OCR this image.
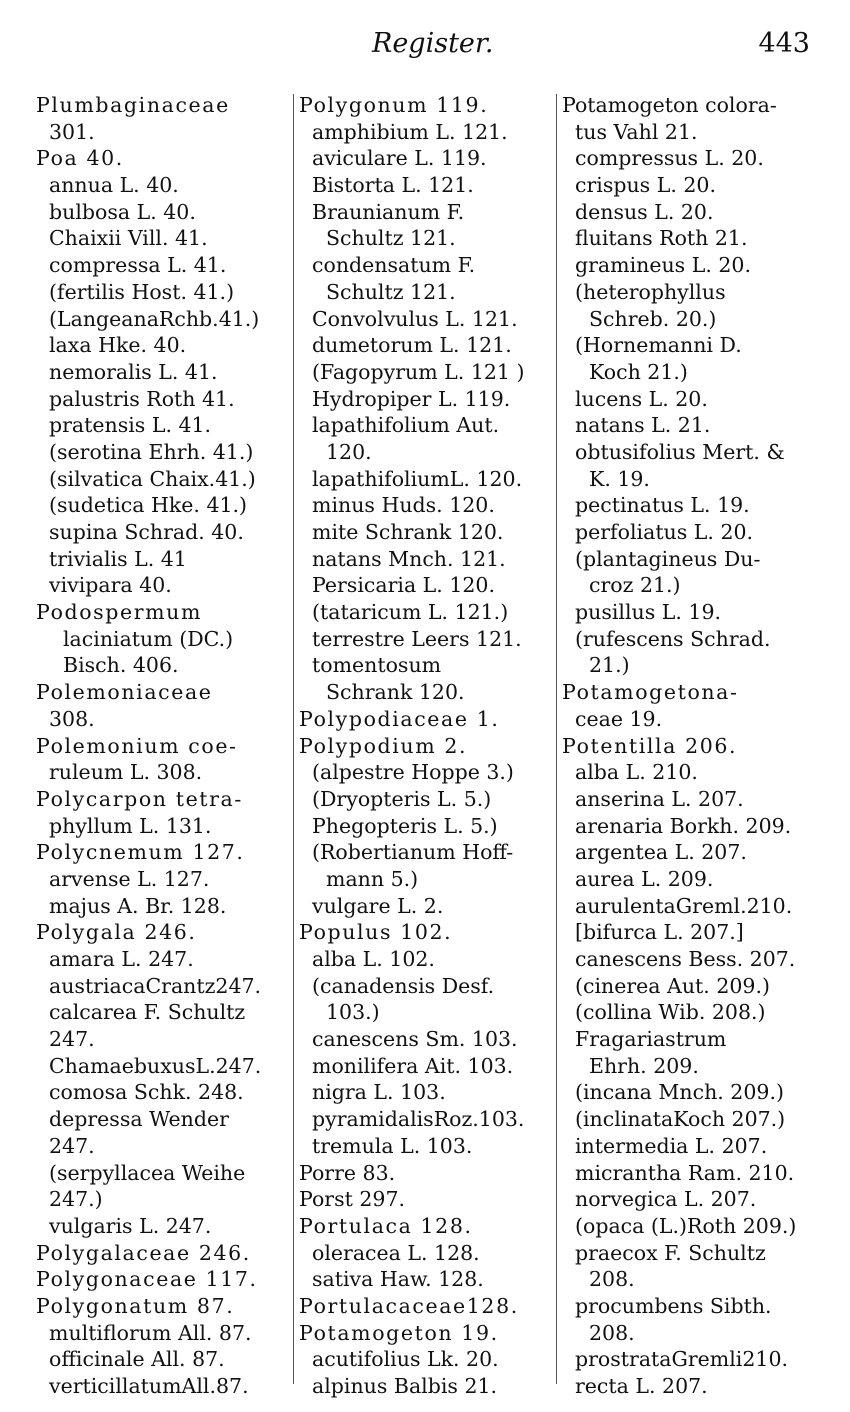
Register.	443
Plumbaginaceae
301.
Poa 40.
annua L. 40.
bulbosa L. 40.
Chaixii Vill. 41.
compressa L. 41.
(fertilis Host. 41.)
(LangeanaRchb.41.)
laxa Hke. 40.
nemoralis L. 41.
palustris Roth 41.
pratensis L. 41.
(serotina Ehrh. 41.)
(silvatica Chaix.41.)
(sudetica Hke. 41.)
supina Schrad. 40.
trivialis L. 41
vivipara 40.
Podospermum
laciniatum (DC.)
Bisch. 406.
Polemoniaceae
308.
Polemonium coe-
ruleum L. 308.
Polycarpon tetra-
phyllum L. 131.
Polycnemum 127.
arvense L. 127.
majus A. Br. 128.
Polygala 246.
amara L. 247.
austriacaCrantz247.
calcarea F. Schultz
247.
ChamaebuxusL.247.
comosa Schk. 248.
depressa Wender
247.
(serpyllacea Weihe
247.)
vulgaris L. 247.
Polygalaceae 246.
Polygonaceae 117.
Polygonatum 87.
multiflorum All. 87.
officinale All. 87.
verticillatumAll.87.
Polygonum 119.
amphibium L. 121.
aviculare L. 119.
Bistorta L. 121.
Braunianum F.
Schultz 121.
condensatum F.
Schultz 121.
Convolvulus L. 121.
dumetorum L. 121.
(Fagopyrum L. 121 )
Hydropiper L. 119.
lapathifolium Aut.
120.
lapathifoliumL. 120.
minus Huds. 120.
mite Schrank 120.
natans Mnch. 121.
Persicaria L. 120.
(tataricum L. 121.)
terrestre Leers 121.
tomentosum
Schrank 120.
Polypodiaceae 1.
Polypodium 2.
(alpestre Hoppe 3.)
(Dryopteris L. 5.)
Phegopteris L. 5.)
(Robertianum Hoff-
mann 5.)
vulgare L. 2.
Populus 102.
alba L. 102.
(canadensis Desf.
103.)
canescens Sm. 103.
monilifera Ait. 103.
nigra L. 103.
pyramidalisRoz.103.
tremula L. 103.
Porre 83.
Porst 297.
Portulaca 128.
oleracea L. 128.
sativa Haw. 128.
Portulacaceae128.
Potamogeton 19.
acutifolius Lk. 20.
alpinus Balbis 21.
Potamogeton colora-
tus Vahl 21.
compressus L. 20.
crispus L. 20.
densus L. 20.
fluitans Roth 21.
gramineus L. 20.
(heterophyllus
Schreb. 20.)
(Hornemanni D.
Koch 21.)
lucens L. 20.
natans L. 21.
obtusifolius Mert. &
K. 19.
pectinatus L. 19.
perfoliatus L. 20.
(plantagineus Du-
croz 21.)
pusillus L. 19.
(rufescens Schrad.
21.)
Potamogetona-
ceae 19.
Potentilla 206.
alba L. 210.
anserina L. 207.
arenaria Borkh. 209.
argentea L. 207.
aurea L. 209.
aurulentaGreml.210.
[bifurca L. 207.]
canescens Bess. 207.
(cinerea Aut. 209.)
(collina Wib. 208.)
Fragariastrum
Ehrh. 209.
(incana Mnch. 209.)
(inclinataKoch 207.)
intermedia L. 207.
micrantha Ram. 210.
norvegica L. 207.
(opaca (L.)Roth 209.)
praecox F. Schultz
208.
procumbens Sibth.
208.
prostrataGremli210.
recta L. 207.
